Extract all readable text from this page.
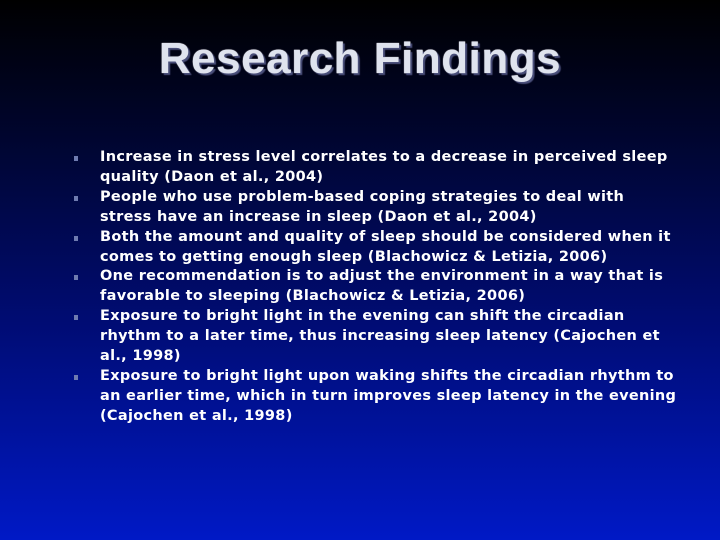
Research Findings
Increase in stress level correlates to a decrease in perceived sleep quality (Daon et al., 2004)
People who use problem-based coping strategies to deal with stress have an increase in sleep (Daon et al., 2004)
Both the amount and quality of sleep should be considered when it comes to getting enough sleep (Blachowicz & Letizia, 2006)
One recommendation is to adjust the environment in a way that is favorable to sleeping (Blachowicz & Letizia, 2006)
Exposure to bright light in the evening can shift the circadian rhythm to a later time, thus increasing sleep latency (Cajochen et al., 1998)
Exposure to bright light upon waking shifts the circadian rhythm to an earlier time, which in turn improves sleep latency in the evening (Cajochen et al., 1998)
